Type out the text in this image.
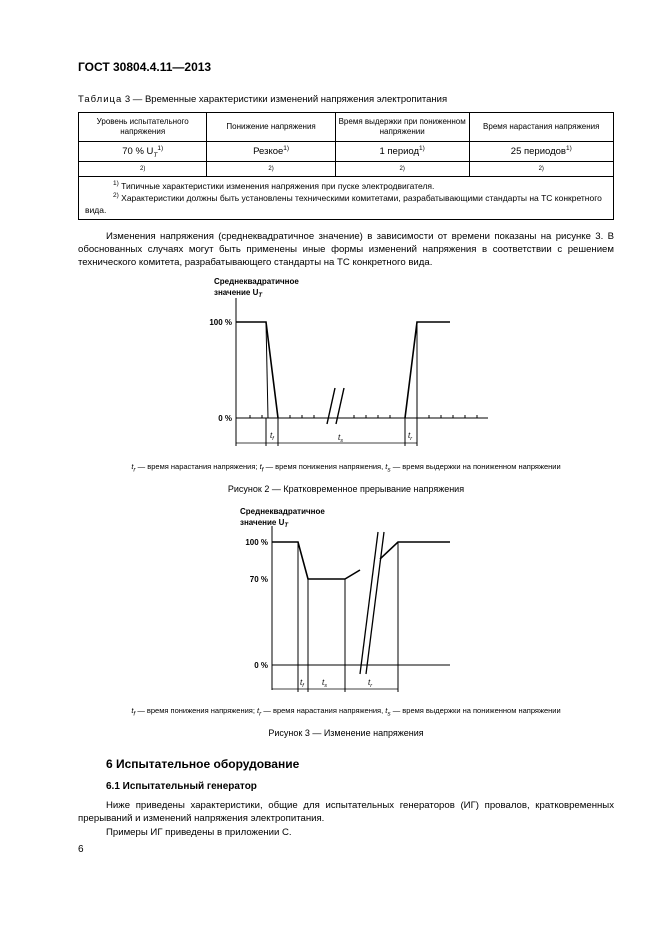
ГОСТ 30804.4.11—2013
Таблица 3 — Временные характеристики изменений напряжения электропитания
Уровень испытательного напряжения	Понижение напряжения	Время выдержки при пониженном напряжении	Время нарастания напряжения
70 % $U_T^{1)}$	Резкое$^{1)}$	1 период$^{1)}$	25 периодов$^{1)}$
2)	2)	2)	2)

$^{1)}$ Типичные характеристики изменения напряжения при пуске электродвигателя.
$^{2)}$ Характеристики должны быть установлены техническими комитетами, разрабатывающими стандарты на ТС конкретного вида.			
Изменения напряжения (среднеквадратичное значение) в зависимости от времени показаны на рисунке 3. В обоснованных случаях могут быть применены иные формы изменений напряжения в соответствии с решением технического комитета, разрабатывающего стандарты на ТС конкретного вида.
Среднеквадратичное
значение $U_T$
100 %
0 %
$t_f$	$t_s$
$t_r$
$t_r$ — время нарастания напряжения; $t_f$ — время понижения напряжения, $t_s$ — время выдержки на пониженном напряжении
Рисунок 2 — Кратковременное прерывание напряжения
Среднеквадратичное
значение $U_T$
100 %
70 %
0 %
$t_f$ $t_s$	$t_r$
$t_f$ — время понижения напряжения; $t_r$ — время нарастания напряжения, $t_s$ — время выдержки на пониженном напряжении
Рисунок 3 — Изменение напряжения
6 Испытательное оборудование
6.1 Испытательный генератор
Ниже приведены характеристики, общие для испытательных генераторов (ИГ) провалов, кратковременных прерываний и изменений напряжения электропитания.
Примеры ИГ приведены в приложении С.
6
